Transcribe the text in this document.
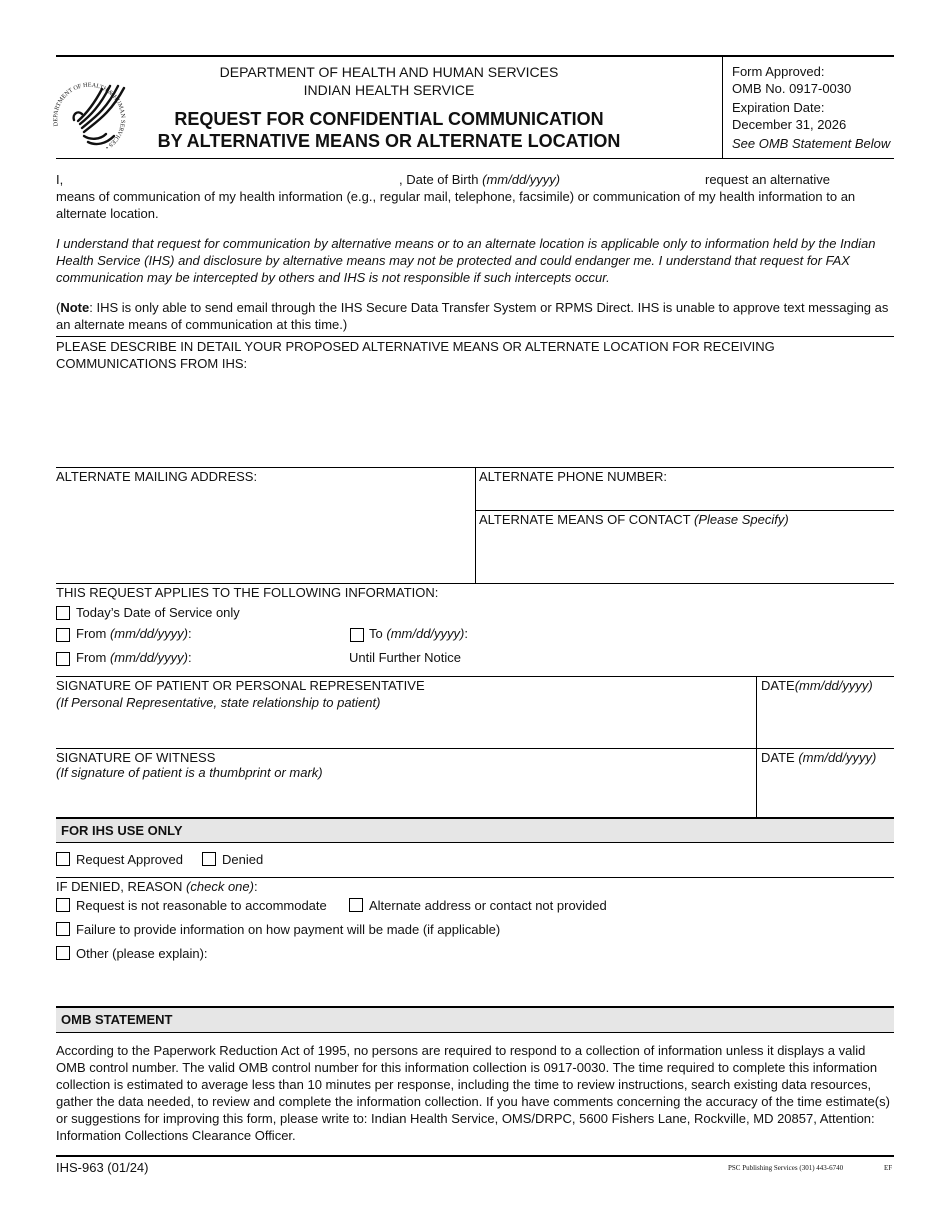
DEPARTMENT OF HEALTH & HUMAN SERVICES •
DEPARTMENT OF HEALTH AND HUMAN SERVICES
INDIAN HEALTH SERVICE
REQUEST FOR CONFIDENTIAL COMMUNICATION
BY ALTERNATIVE MEANS OR ALTERNATE LOCATION
Form Approved:
OMB No. 0917-0030
Expiration Date:
December 31, 2026
See OMB Statement Below
I,	, Date of Birth (mm/dd/yyyy)	request an alternative
means of communication of my health information (e.g., regular mail, telephone, facsimile) or communication of my health information to an
alternate location.
I understand that request for communication by alternative means or to an alternate location is applicable only to information held by the Indian Health Service (IHS) and disclosure by alternative means may not be protected and could endanger me. I understand that request for FAX communication may be intercepted by others and IHS is not responsible if such intercepts occur.
(Note: IHS is only able to send email through the IHS Secure Data Transfer System or RPMS Direct. IHS is unable to approve text messaging as an alternate means of communication at this time.)
PLEASE DESCRIBE IN DETAIL YOUR PROPOSED ALTERNATIVE MEANS OR ALTERNATE LOCATION FOR RECEIVING COMMUNICATIONS FROM IHS:
ALTERNATE MAILING ADDRESS:	ALTERNATE PHONE NUMBER:
ALTERNATE MEANS OF CONTACT (Please Specify)
THIS REQUEST APPLIES TO THE FOLLOWING INFORMATION:
Today’s Date of Service only
From (mm/dd/yyyy):	To (mm/dd/yyyy):
From (mm/dd/yyyy):	Until Further Notice
SIGNATURE OF PATIENT OR PERSONAL REPRESENTATIVE
(If Personal Representative, state relationship to patient)
DATE(mm/dd/yyyy)
SIGNATURE OF WITNESS
(If signature of patient is a thumbprint or mark)
DATE (mm/dd/yyyy)
FOR IHS USE ONLY
Request Approved	Denied
IF DENIED, REASON (check one):
Request is not reasonable to accommodate	Alternate address or contact not provided
Failure to provide information on how payment will be made (if applicable)
Other (please explain):
OMB STATEMENT
According to the Paperwork Reduction Act of 1995, no persons are required to respond to a collection of information unless it displays a valid OMB control number. The valid OMB control number for this information collection is 0917-0030. The time required to complete this information collection is estimated to average less than 10 minutes per response, including the time to review instructions, search existing data resources, gather the data needed, to review and complete the information collection. If you have comments concerning the accuracy of the time estimate(s) or suggestions for improving this form, please write to: Indian Health Service, OMS/DRPC, 5600 Fishers Lane, Rockville, MD 20857, Attention: Information Collections Clearance Officer.
IHS-963 (01/24)	PSC Publishing Services (301) 443-6740	EF
